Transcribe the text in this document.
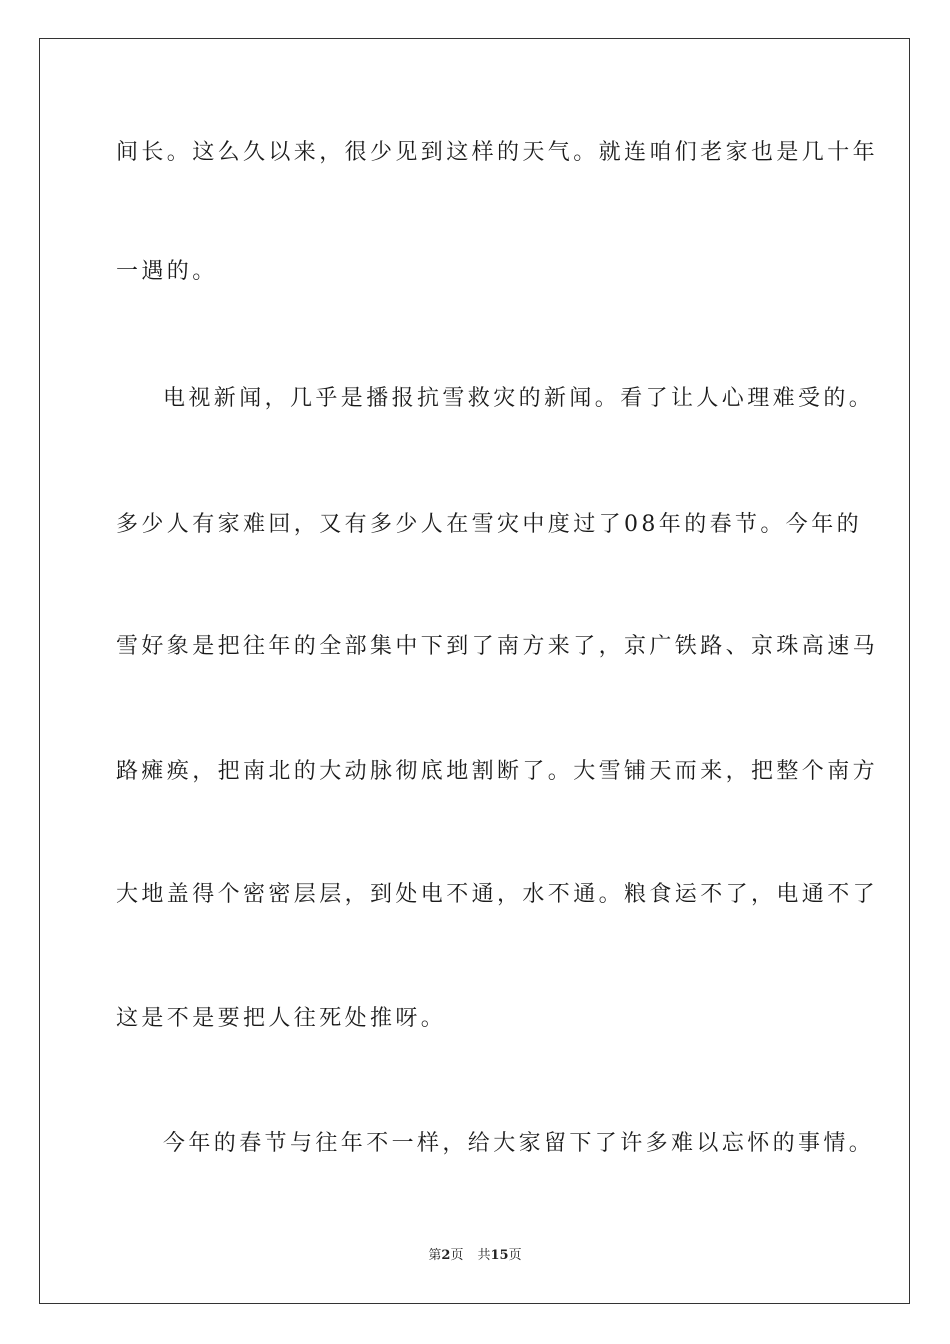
间长。这么久以来，很少见到这样的天气。就连咱们老家也是几十年
一遇的。
电视新闻，几乎是播报抗雪救灾的新闻。看了让人心理难受的。
多少人有家难回，又有多少人在雪灾中度过了08年的春节。今年的
雪好象是把往年的全部集中下到了南方来了，京广铁路、京珠高速马
路瘫痪，把南北的大动脉彻底地割断了。大雪铺天而来，把整个南方
大地盖得个密密层层，到处电不通，水不通。粮食运不了，电通不了
这是不是要把人往死处推呀。
今年的春节与往年不一样，给大家留下了许多难以忘怀的事情。
第2页 共15页
